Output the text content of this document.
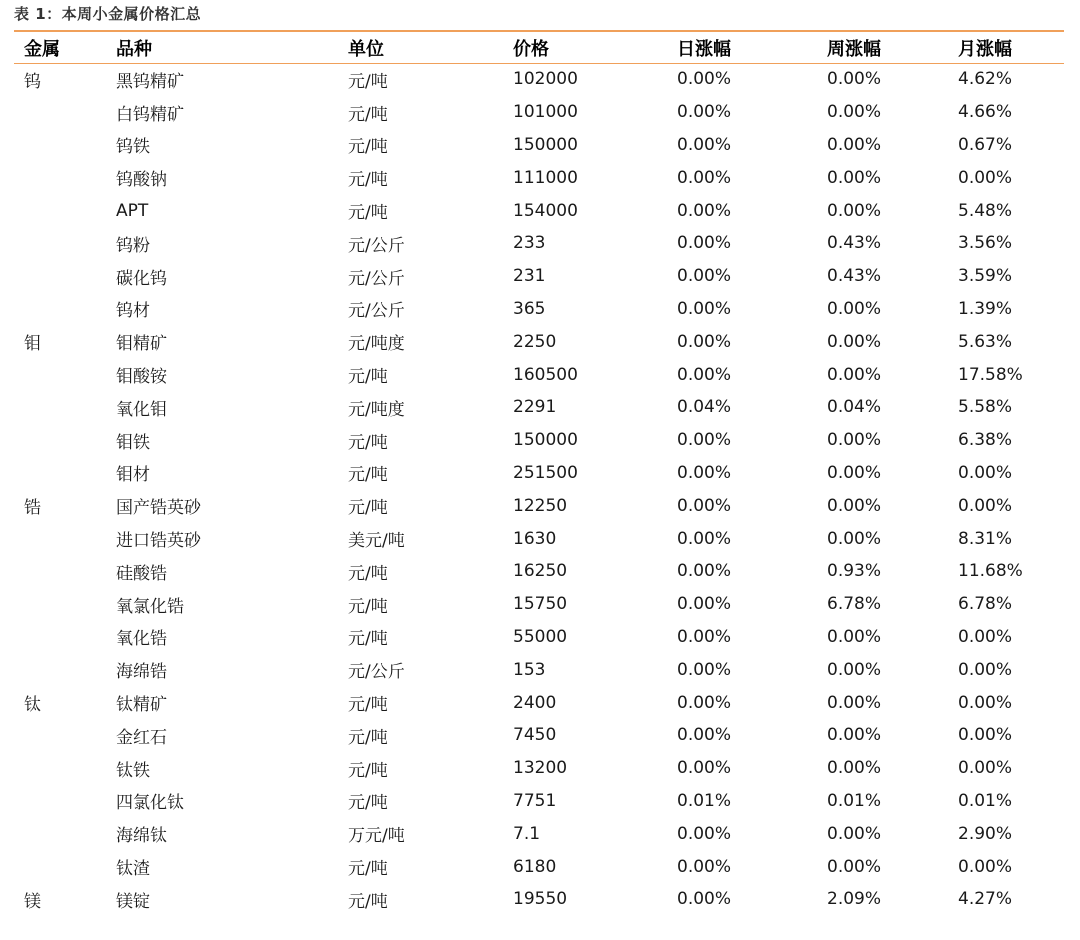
表 1：本周小金属价格汇总
金属	品种	单位	价格	日涨幅	周涨幅	月涨幅
钨	黑钨精矿	元/吨	102000	0.00%	0.00%	4.62%
	白钨精矿	元/吨	101000	0.00%	0.00%	4.66%
	钨铁	元/吨	150000	0.00%	0.00%	0.67%
	钨酸钠	元/吨	111000	0.00%	0.00%	0.00%
	APT	元/吨	154000	0.00%	0.00%	5.48%
	钨粉	元/公斤	233	0.00%	0.43%	3.56%
	碳化钨	元/公斤	231	0.00%	0.43%	3.59%
	钨材	元/公斤	365	0.00%	0.00%	1.39%
钼	钼精矿	元/吨度	2250	0.00%	0.00%	5.63%
	钼酸铵	元/吨	160500	0.00%	0.00%	17.58%
	氧化钼	元/吨度	2291	0.04%	0.04%	5.58%
	钼铁	元/吨	150000	0.00%	0.00%	6.38%
	钼材	元/吨	251500	0.00%	0.00%	0.00%
锆	国产锆英砂	元/吨	12250	0.00%	0.00%	0.00%
	进口锆英砂	美元/吨	1630	0.00%	0.00%	8.31%
	硅酸锆	元/吨	16250	0.00%	0.93%	11.68%
	氧氯化锆	元/吨	15750	0.00%	6.78%	6.78%
	氧化锆	元/吨	55000	0.00%	0.00%	0.00%
	海绵锆	元/公斤	153	0.00%	0.00%	0.00%
钛	钛精矿	元/吨	2400	0.00%	0.00%	0.00%
	金红石	元/吨	7450	0.00%	0.00%	0.00%
	钛铁	元/吨	13200	0.00%	0.00%	0.00%
	四氯化钛	元/吨	7751	0.01%	0.01%	0.01%
	海绵钛	万元/吨	7.1	0.00%	0.00%	2.90%
	钛渣	元/吨	6180	0.00%	0.00%	0.00%
镁	镁锭	元/吨	19550	0.00%	2.09%	4.27%
